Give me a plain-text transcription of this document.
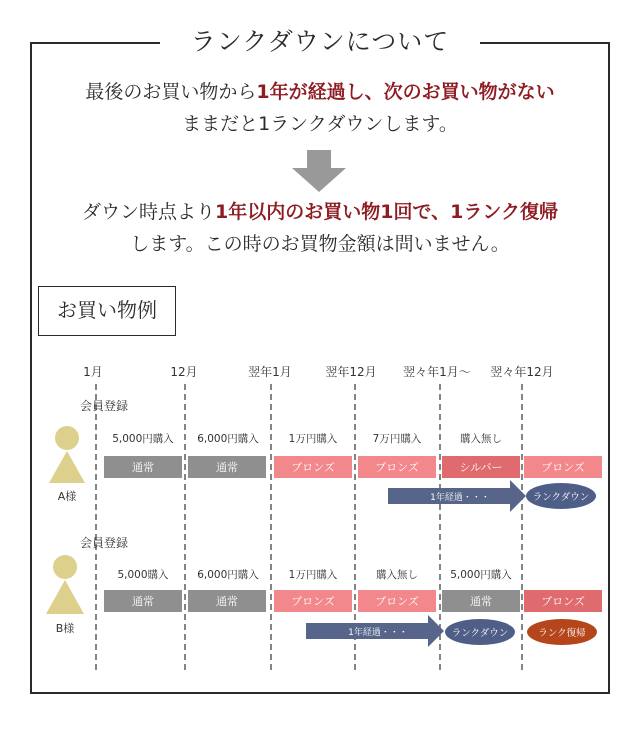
ランクダウンについて
最後のお買い物から1年が経過し、次のお買い物がない
ままだと1ランクダウンします。
ダウン時点より1年以内のお買い物1回で、1ランク復帰
します。この時のお買物金額は問いません。
お買い物例
1月	12月	翌年1月	翌年12月 翌々年1月〜 翌々年12月
会員登録
A様
5,000円購入 6,000円購入	1万円購入	7万円購入	購入無し
通常	通常	ブロンズ	ブロンズ	シルバー	ブロンズ
1年経過・・・	ランクダウン
会員登録
B様
5,000購入	6,000円購入	1万円購入	購入無し	5,000円購入
通常	通常	ブロンズ	ブロンズ	通常	ブロンズ
1年経過・・・	ランクダウン	ランク復帰
